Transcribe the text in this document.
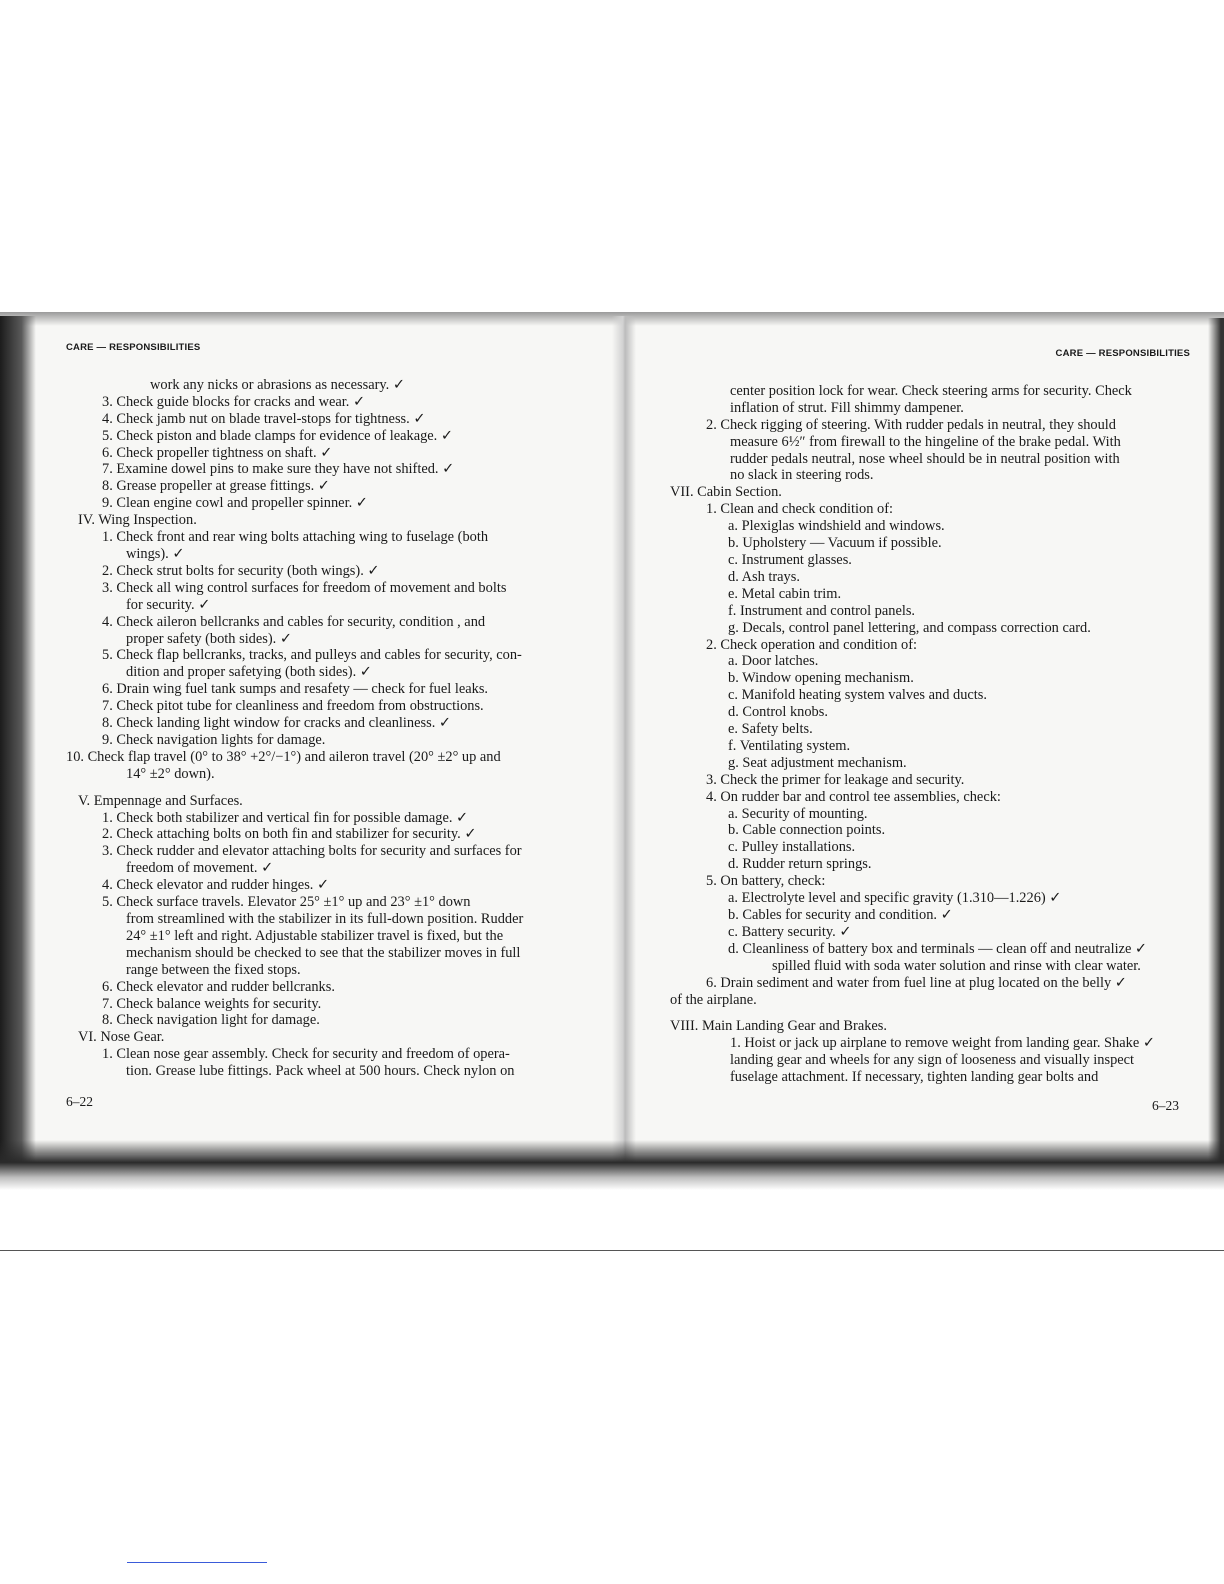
CARE — RESPONSIBILITIES
work any nicks or abrasions as necessary. ✓
3. Check guide blocks for cracks and wear. ✓
4. Check jamb nut on blade travel-stops for tightness. ✓
5. Check piston and blade clamps for evidence of leakage. ✓
6. Check propeller tightness on shaft. ✓
7. Examine dowel pins to make sure they have not shifted. ✓
8. Grease propeller at grease fittings. ✓
9. Clean engine cowl and propeller spinner. ✓
IV. Wing Inspection.
1. Check front and rear wing bolts attaching wing to fuselage (both
wings). ✓
2. Check strut bolts for security (both wings). ✓
3. Check all wing control surfaces for freedom of movement and bolts
for security. ✓
4. Check aileron bellcranks and cables for security, condition , and
proper safety (both sides). ✓
5. Check flap bellcranks, tracks, and pulleys and cables for security, con-
dition and proper safetying (both sides). ✓
6. Drain wing fuel tank sumps and resafety — check for fuel leaks.
7. Check pitot tube for cleanliness and freedom from obstructions.
8. Check landing light window for cracks and cleanliness. ✓
9. Check navigation lights for damage.
10. Check flap travel (0° to 38° +2°/−1°) and aileron travel (20° ±2° up and
14° ±2° down).
V. Empennage and Surfaces.
1. Check both stabilizer and vertical fin for possible damage. ✓
2. Check attaching bolts on both fin and stabilizer for security. ✓
3. Check rudder and elevator attaching bolts for security and surfaces for
freedom of movement. ✓
4. Check elevator and rudder hinges. ✓
5. Check surface travels. Elevator 25° ±1° up and 23° ±1° down
from streamlined with the stabilizer in its full-down position. Rudder
24° ±1° left and right. Adjustable stabilizer travel is fixed, but the
mechanism should be checked to see that the stabilizer moves in full
range between the fixed stops.
6. Check elevator and rudder bellcranks.
7. Check balance weights for security.
8. Check navigation light for damage.
VI. Nose Gear.
1. Clean nose gear assembly. Check for security and freedom of opera-
tion. Grease lube fittings. Pack wheel at 500 hours. Check nylon on
6–22
CARE — RESPONSIBILITIES
center position lock for wear. Check steering arms for security. Check
inflation of strut. Fill shimmy dampener.
2. Check rigging of steering. With rudder pedals in neutral, they should
measure 6½″ from firewall to the hingeline of the brake pedal. With
rudder pedals neutral, nose wheel should be in neutral position with
no slack in steering rods.
VII. Cabin Section.
1. Clean and check condition of:
a. Plexiglas windshield and windows.
b. Upholstery — Vacuum if possible.
c. Instrument glasses.
d. Ash trays.
e. Metal cabin trim.
f. Instrument and control panels.
g. Decals, control panel lettering, and compass correction card.
2. Check operation and condition of:
a. Door latches.
b. Window opening mechanism.
c. Manifold heating system valves and ducts.
d. Control knobs.
e. Safety belts.
f. Ventilating system.
g. Seat adjustment mechanism.
3. Check the primer for leakage and security.
4. On rudder bar and control tee assemblies, check:
a. Security of mounting.
b. Cable connection points.
c. Pulley installations.
d. Rudder return springs.
5. On battery, check:
a. Electrolyte level and specific gravity (1.310—1.226) ✓
b. Cables for security and condition. ✓
c. Battery security. ✓
d. Cleanliness of battery box and terminals — clean off and neutralize ✓
spilled fluid with soda water solution and rinse with clear water.
6. Drain sediment and water from fuel line at plug located on the belly ✓
of the airplane.
VIII. Main Landing Gear and Brakes.
1. Hoist or jack up airplane to remove weight from landing gear. Shake ✓
landing gear and wheels for any sign of looseness and visually inspect
fuselage attachment. If necessary, tighten landing gear bolts and
6–23
